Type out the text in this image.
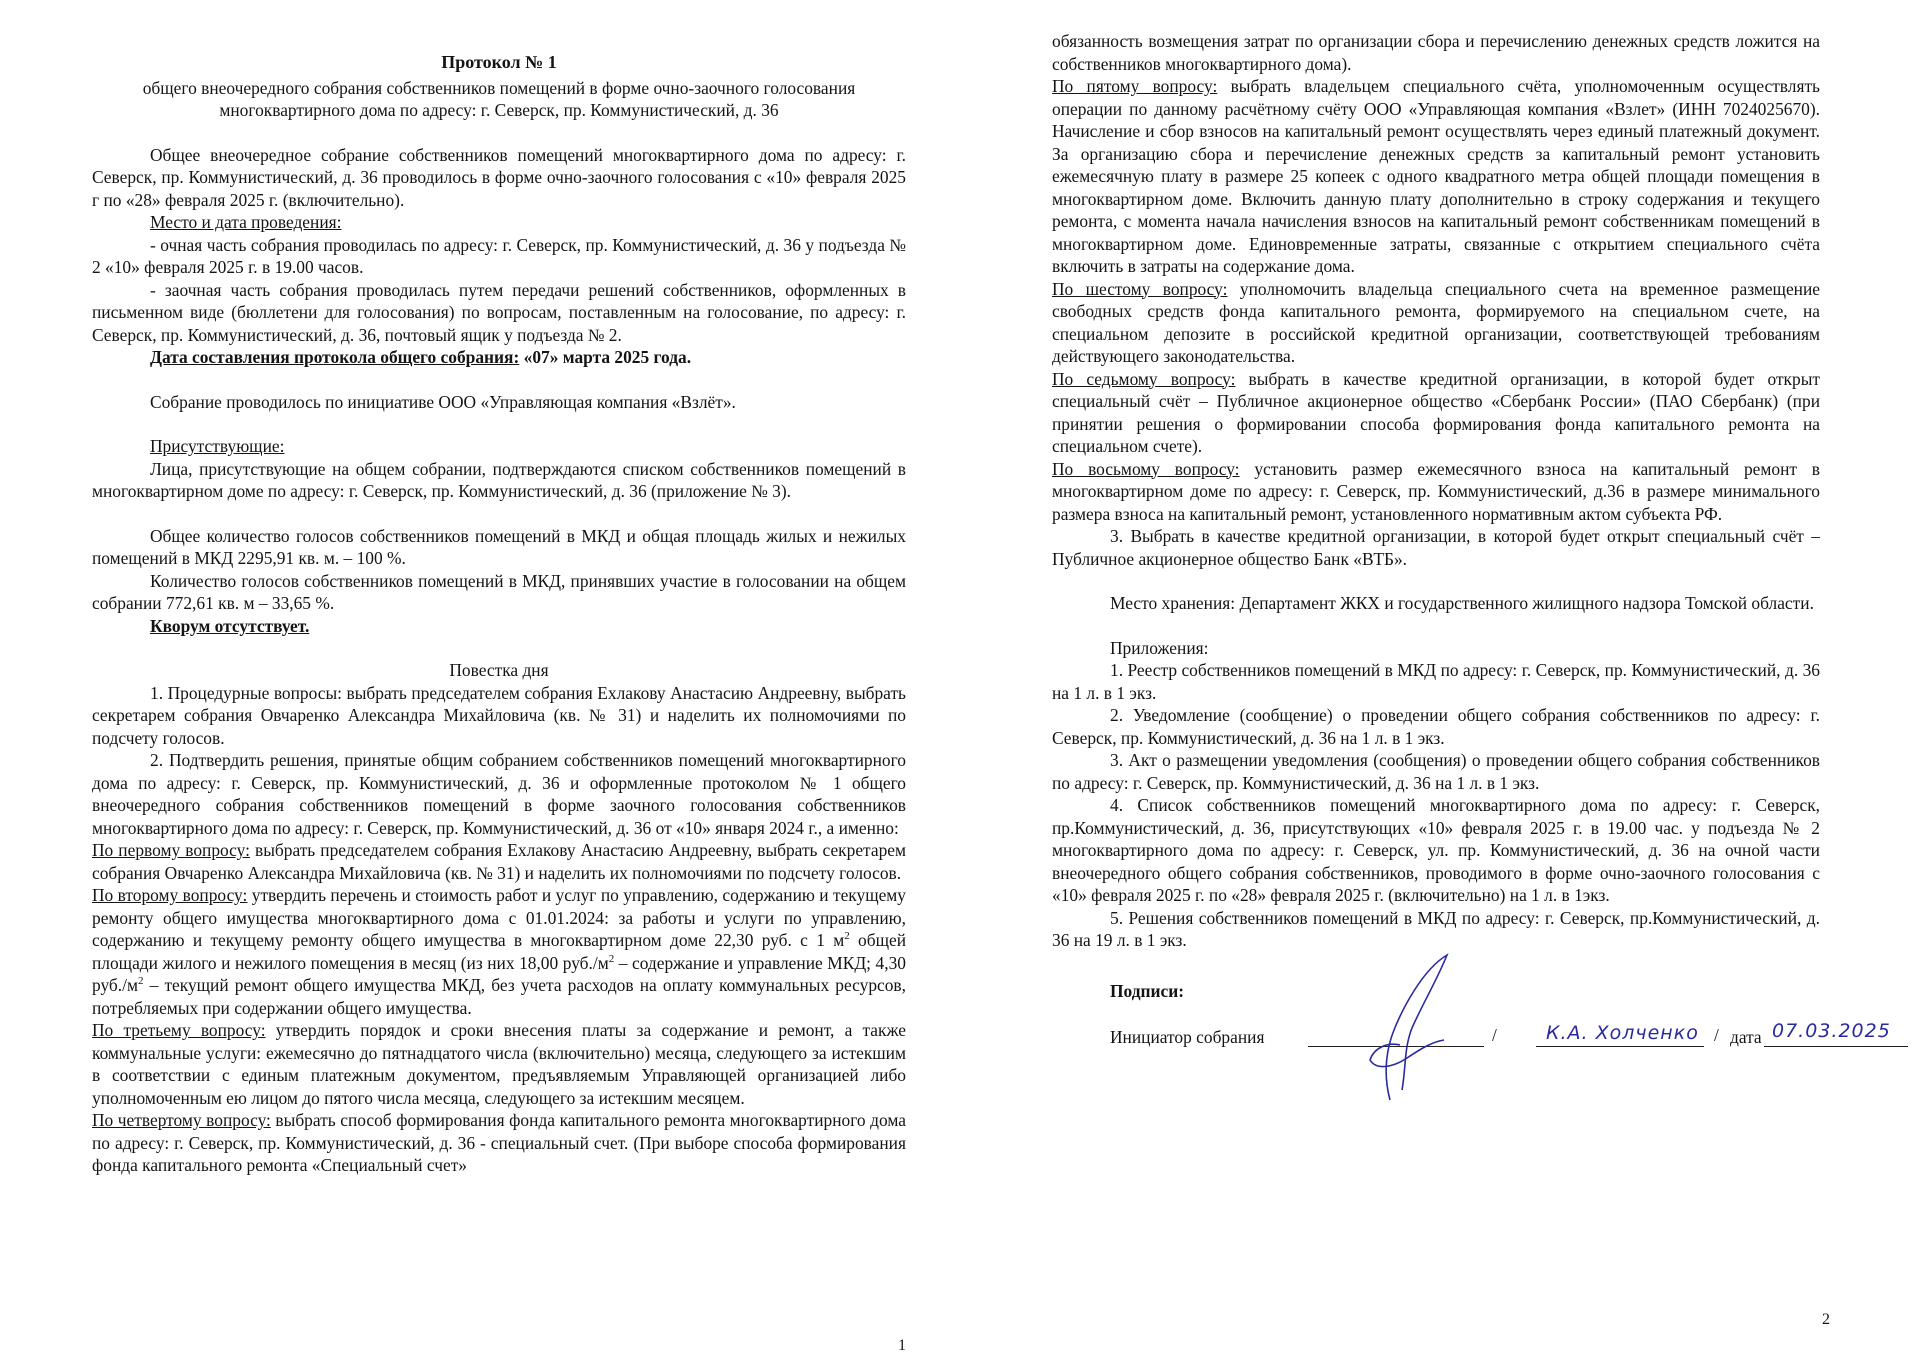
Протокол № 1

общего внеочередного собрания собственников помещений в форме очно-заочного голосования

многоквартирного дома по адресу: г. Северск, пр. Коммунистический, д. 36

Общее внеочередное собрание собственников помещений многоквартирного дома по адресу: г. Северск, пр. Коммунистический, д. 36 проводилось в форме очно-заочного голосования с «10» февраля 2025 г по «28» февраля 2025 г. (включительно).

Место и дата проведения:

- очная часть собрания проводилась по адресу: г. Северск, пр. Коммунистический, д. 36 у подъезда № 2 «10» февраля 2025 г. в 19.00 часов.

- заочная часть собрания проводилась путем передачи решений собственников, оформленных в письменном виде (бюллетени для голосования) по вопросам, поставленным на голосование, по адресу: г. Северск, пр. Коммунистический, д. 36, почтовый ящик у подъезда № 2.

Дата составления протокола общего собрания: «07» марта 2025 года.

Собрание проводилось по инициативе ООО «Управляющая компания «Взлёт».

Присутствующие:

Лица, присутствующие на общем собрании, подтверждаются списком собственников помещений в многоквартирном доме по адресу: г. Северск, пр. Коммунистический, д. 36 (приложение № 3).

Общее количество голосов собственников помещений в МКД и общая площадь жилых и нежилых помещений в МКД 2295,91 кв. м. – 100 %.

Количество голосов собственников помещений в МКД, принявших участие в голосовании на общем собрании 772,61 кв. м – 33,65 %.

Кворум отсутствует.

Повестка дня

1. Процедурные вопросы: выбрать председателем собрания Ехлакову Анастасию Андреевну, выбрать секретарем собрания Овчаренко Александра Михайловича (кв. № 31) и наделить их полномочиями по подсчету голосов.

2. Подтвердить решения, принятые общим собранием собственников помещений многоквартирного дома по адресу: г. Северск, пр. Коммунистический, д. 36 и оформленные протоколом № 1 общего внеочередного собрания собственников помещений в форме заочного голосования собственников многоквартирного дома по адресу: г. Северск, пр. Коммунистический, д. 36 от «10» января 2024 г., а именно:

По первому вопросу: выбрать председателем собрания Ехлакову Анастасию Андреевну, выбрать секретарем собрания Овчаренко Александра Михайловича (кв. № 31) и наделить их полномочиями по подсчету голосов.

По второму вопросу: утвердить перечень и стоимость работ и услуг по управлению, содержанию и текущему ремонту общего имущества многоквартирного дома с 01.01.2024: за работы и услуги по управлению, содержанию и текущему ремонту общего имущества в многоквартирном доме 22,30 руб. с 1 $м^2$ общей площади жилого и нежилого помещения в месяц (из них 18,00 $руб./м^2$ – содержание и управление МКД; 4,30 $руб./м^2$ – текущий ремонт общего имущества МКД, без учета расходов на оплату коммунальных ресурсов, потребляемых при содержании общего имущества.

По третьему вопросу: утвердить порядок и сроки внесения платы за содержание и ремонт, а также коммунальные услуги: ежемесячно до пятнадцатого числа (включительно) месяца, следующего за истекшим в соответствии с единым платежным документом, предъявляемым Управляющей организацией либо уполномоченным ею лицом до пятого числа месяца, следующего за истекшим месяцем.

По четвертому вопросу: выбрать способ формирования фонда капитального ремонта многоквартирного дома по адресу: г. Северск, пр. Коммунистический, д. 36 - специальный счет. (При выборе способа формирования фонда капитального ремонта «Специальный счет»

1

обязанность возмещения затрат по организации сбора и перечислению денежных средств ложится на собственников многоквартирного дома).

По пятому вопросу: выбрать владельцем специального счёта, уполномоченным осуществлять операции по данному расчётному счёту ООО «Управляющая компания «Взлет» (ИНН 7024025670). Начисление и сбор взносов на капитальный ремонт осуществлять через единый платежный документ. За организацию сбора и перечисление денежных средств за капитальный ремонт установить ежемесячную плату в размере 25 копеек с одного квадратного метра общей площади помещения в многоквартирном доме. Включить данную плату дополнительно в строку содержания и текущего ремонта, с момента начала начисления взносов на капитальный ремонт собственникам помещений в многоквартирном доме. Единовременные затраты, связанные с открытием специального счёта включить в затраты на содержание дома.

По шестому вопросу: уполномочить владельца специального счета на временное размещение свободных средств фонда капитального ремонта, формируемого на специальном счете, на специальном депозите в российской кредитной организации, соответствующей требованиям действующего законодательства.

По седьмому вопросу: выбрать в качестве кредитной организации, в которой будет открыт специальный счёт – Публичное акционерное общество «Сбербанк России» (ПАО Сбербанк) (при принятии решения о формировании способа формирования фонда капитального ремонта на специальном счете).

По восьмому вопросу: установить размер ежемесячного взноса на капитальный ремонт в многоквартирном доме по адресу: г. Северск, пр. Коммунистический, д.36 в размере минимального размера взноса на капитальный ремонт, установленного нормативным актом субъекта РФ.

3. Выбрать в качестве кредитной организации, в которой будет открыт специальный счёт – Публичное акционерное общество Банк «ВТБ».

Место хранения: Департамент ЖКХ и государственного жилищного надзора Томской области.

Приложения:

1. Реестр собственников помещений в МКД по адресу: г. Северск, пр. Коммунистический, д. 36 на 1 л. в 1 экз.

2. Уведомление (сообщение) о проведении общего собрания собственников по адресу: г. Северск, пр. Коммунистический, д. 36 на 1 л. в 1 экз.

3. Акт о размещении уведомления (сообщения) о проведении общего собрания собственников по адресу: г. Северск, пр. Коммунистический, д. 36 на 1 л. в 1 экз.

4. Список собственников помещений многоквартирного дома по адресу: г. Северск, пр.Коммунистический, д. 36, присутствующих «10» февраля 2025 г. в 19.00 час. у подъезда № 2 многоквартирного дома по адресу: г. Северск, ул. пр. Коммунистический, д. 36 на очной части внеочередного общего собрания собственников, проводимого в форме очно-заочного голосования с «10» февраля 2025 г. по «28» февраля 2025 г. (включительно) на 1 л. в 1экз.

5. Решения собственников помещений в МКД по адресу: г. Северск, пр.Коммунистический, д. 36 на 19 л. в 1 экз.

Подписи:
Инициатор собрания	/	К.А. Холченко / дата 07.03.2025
2
